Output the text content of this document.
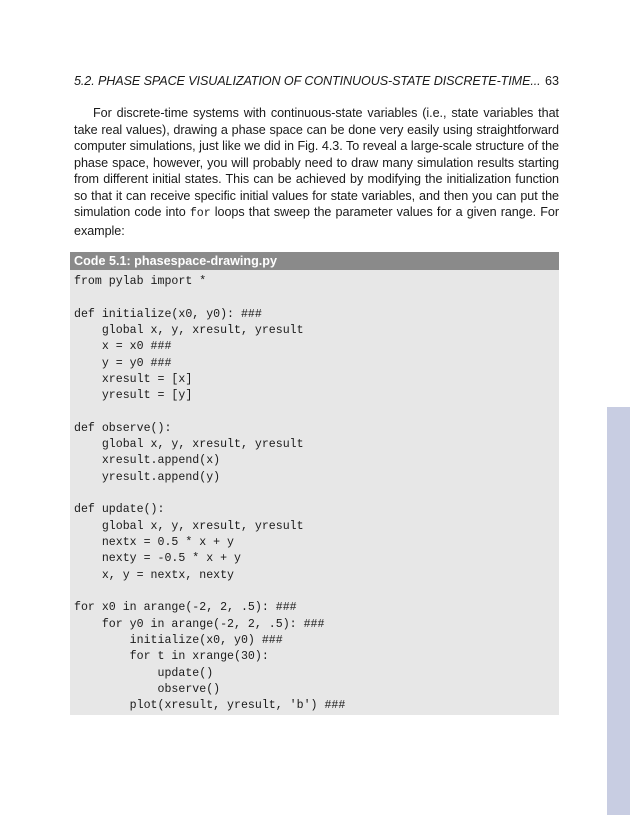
5.2. PHASE SPACE VISUALIZATION OF CONTINUOUS-STATE DISCRETE-TIME... 63

For discrete-time systems with continuous-state variables (i.e., state variables that take real values), drawing a phase space can be done very easily using straightforward computer simulations, just like we did in Fig. 4.3. To reveal a large-scale structure of the phase space, however, you will probably need to draw many simulation results starting from different initial states. This can be achieved by modifying the initialization function so that it can receive specific initial values for state variables, and then you can put the simulation code into for loops that sweep the parameter values for a given range. For example:

Code 5.1: phasespace-drawing.py
from pylab import *
def initialize(x0, y0): ###
global x, y, xresult, yresult
x = x0 ###
y = y0 ###
xresult = [x]
yresult = [y]
def observe():
global x, y, xresult, yresult
xresult.append(x)
yresult.append(y)
def update():
global x, y, xresult, yresult
nextx = 0.5 * x + y
nexty = -0.5 * x + y
x, y = nextx, nexty
for x0 in arange(-2, 2, .5): ###
for y0 in arange(-2, 2, .5): ###
initialize(x0, y0) ###
for t in xrange(30):
update()
observe()
plot(xresult, yresult, 'b') ###
